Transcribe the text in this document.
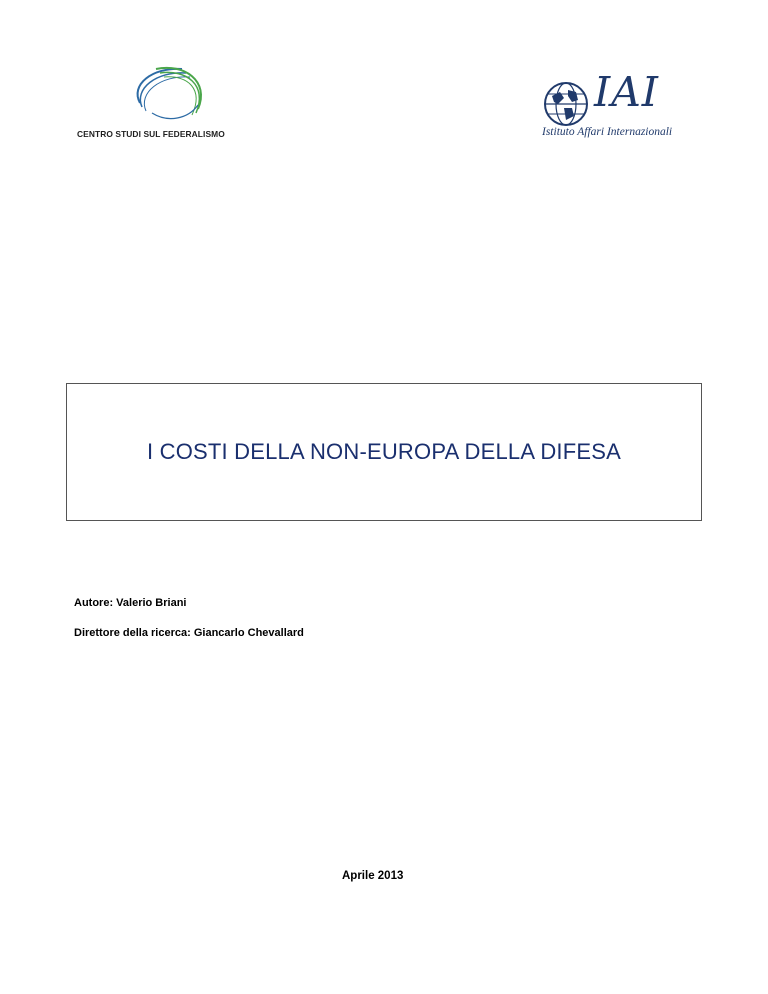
CENTRO STUDI SUL FEDERALISMO
IAI
Istituto Affari Internazionali
I COSTI DELLA NON-EUROPA DELLA DIFESA
Autore: Valerio Briani
Direttore della ricerca: Giancarlo Chevallard
Aprile 2013
